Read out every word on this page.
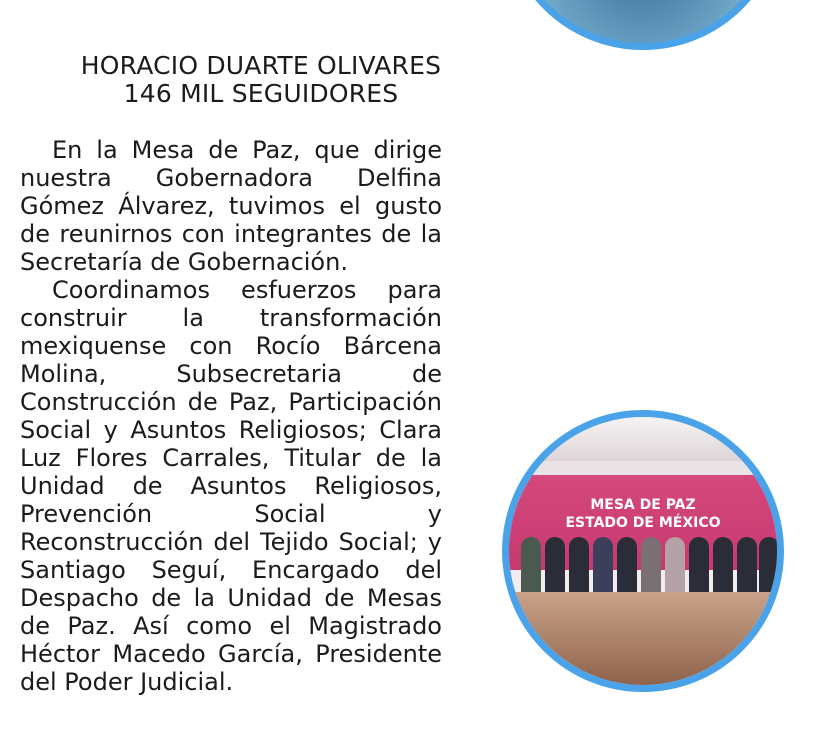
HORACIO DUARTE OLIVARES
146 MIL SEGUIDORES

En la Mesa de Paz, que dirige nuestra Gobernadora Delfina Gómez Álvarez, tuvimos el gusto de reunirnos con integrantes de la Secretaría de Gobernación.

Coordinamos esfuerzos para construir la transformación mexiquense con Rocío Bárcena Molina, Subsecretaria de Construcción de Paz, Participación Social y Asuntos Religiosos; Clara Luz Flores Carrales, Titular de la Unidad de Asuntos Religiosos, Prevención Social y Reconstrucción del Tejido Social; y Santiago Seguí, Encargado del Despacho de la Unidad de Mesas de Paz. Así como el Magistrado Héctor Macedo García, Presidente del Poder Judicial.

MESA DE PAZ
ESTADO DE MÉXICO
